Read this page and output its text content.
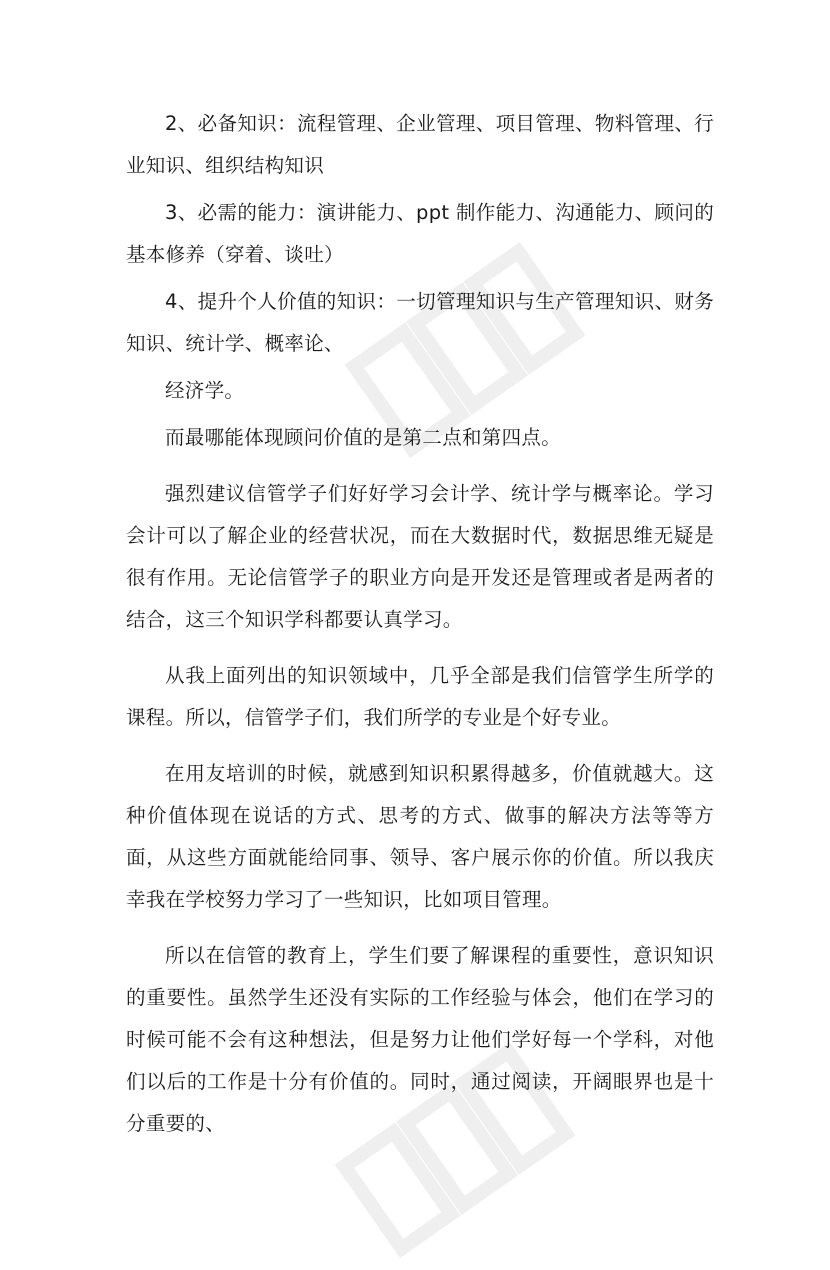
2、必备知识：流程管理、企业管理、项目管理、物料管理、行业知识、组织结构知识

3、必需的能力：演讲能力、ppt 制作能力、沟通能力、顾问的基本修养（穿着、谈吐）

4、提升个人价值的知识：一切管理知识与生产管理知识、财务知识、统计学、概率论、

经济学。

而最哪能体现顾问价值的是第二点和第四点。

强烈建议信管学子们好好学习会计学、统计学与概率论。学习会计可以了解企业的经营状况，而在大数据时代，数据思维无疑是很有作用。无论信管学子的职业方向是开发还是管理或者是两者的结合，这三个知识学科都要认真学习。

从我上面列出的知识领域中，几乎全部是我们信管学生所学的课程。所以，信管学子们，我们所学的专业是个好专业。

在用友培训的时候，就感到知识积累得越多，价值就越大。这种价值体现在说话的方式、思考的方式、做事的解决方法等等方面，从这些方面就能给同事、领导、客户展示你的价值。所以我庆幸我在学校努力学习了一些知识，比如项目管理。

所以在信管的教育上，学生们要了解课程的重要性，意识知识的重要性。虽然学生还没有实际的工作经验与体会，他们在学习的时候可能不会有这种想法，但是努力让他们学好每一个学科，对他们以后的工作是十分有价值的。同时，通过阅读，开阔眼界也是十分重要的、
